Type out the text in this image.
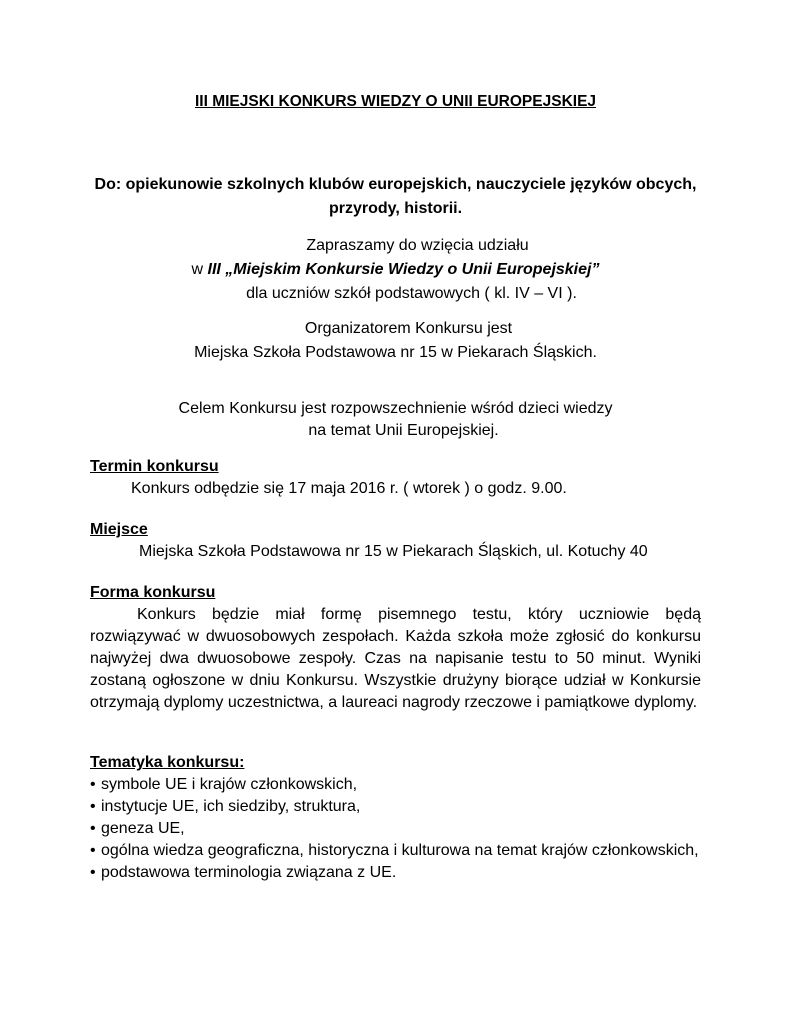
III MIEJSKI KONKURS WIEDZY O UNII EUROPEJSKIEJ
Do: opiekunowie szkolnych klubów europejskich, nauczyciele języków obcych,
przyrody, historii.
Zapraszamy do wzięcia udziału
w III „Miejskim Konkursie Wiedzy o Unii Europejskiej”
dla uczniów szkół podstawowych ( kl. IV – VI ).
Organizatorem Konkursu jest
Miejska Szkoła Podstawowa nr 15 w Piekarach Śląskich.
Celem Konkursu jest rozpowszechnienie wśród dzieci wiedzy
na temat Unii Europejskiej.
Termin konkursu
Konkurs odbędzie się 17 maja 2016 r. ( wtorek ) o godz. 9.00.
Miejsce
Miejska Szkoła Podstawowa nr 15 w Piekarach Śląskich, ul. Kotuchy 40
Forma konkursu
Konkurs będzie miał formę pisemnego testu, który uczniowie będą rozwiązywać w dwuosobowych zespołach. Każda szkoła może zgłosić do konkursu najwyżej dwa dwuosobowe zespoły. Czas na napisanie testu to 50 minut. Wyniki zostaną ogłoszone w dniu Konkursu. Wszystkie drużyny biorące udział w Konkursie otrzymają dyplomy uczestnictwa, a laureaci nagrody rzeczowe i pamiątkowe dyplomy.
Tematyka konkursu:
• symbole UE i krajów członkowskich,
• instytucje UE, ich siedziby, struktura,
• geneza UE,
• ogólna wiedza geograficzna, historyczna i kulturowa na temat krajów członkowskich,
• podstawowa terminologia związana z UE.
